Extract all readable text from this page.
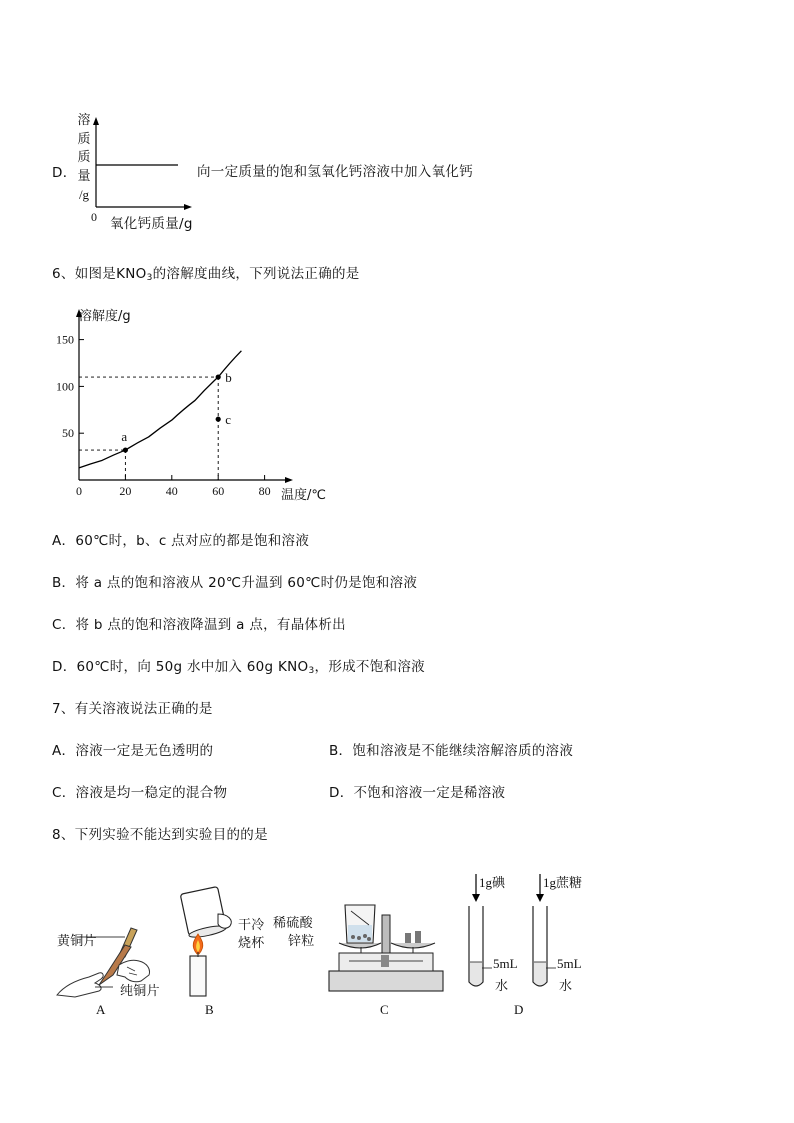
D．
溶
质
质
量
/g
0 氧化钙质量/g
向一定质量的饱和氢氧化钙溶液中加入氧化钙
6、如图是$KNO_3$的溶解度曲线，下列说法正确的是
0	20	40	60	80
50
100
150
溶解度/g
温度/℃
a
b
c
A．60℃时，b、c 点对应的都是饱和溶液
B．将 a 点的饱和溶液从 20℃升温到 60℃时仍是饱和溶液
C．将 b 点的饱和溶液降温到 a 点，有晶体析出
D．60℃时，向 50g 水中加入 60g $KNO_3$，形成不饱和溶液
7、有关溶液说法正确的是
A．溶液一定是无色透明的	B．饱和溶液是不能继续溶解溶质的溶液
C．溶液是均一稳定的混合物	D．不饱和溶液一定是稀溶液
8、下列实验不能达到实验目的的是
黄铜片
纯铜片
A
干冷
烧杯
B
稀硫酸
锌粒
C
1g碘	1g蔗糖
5mL
水
5mL
水
D
